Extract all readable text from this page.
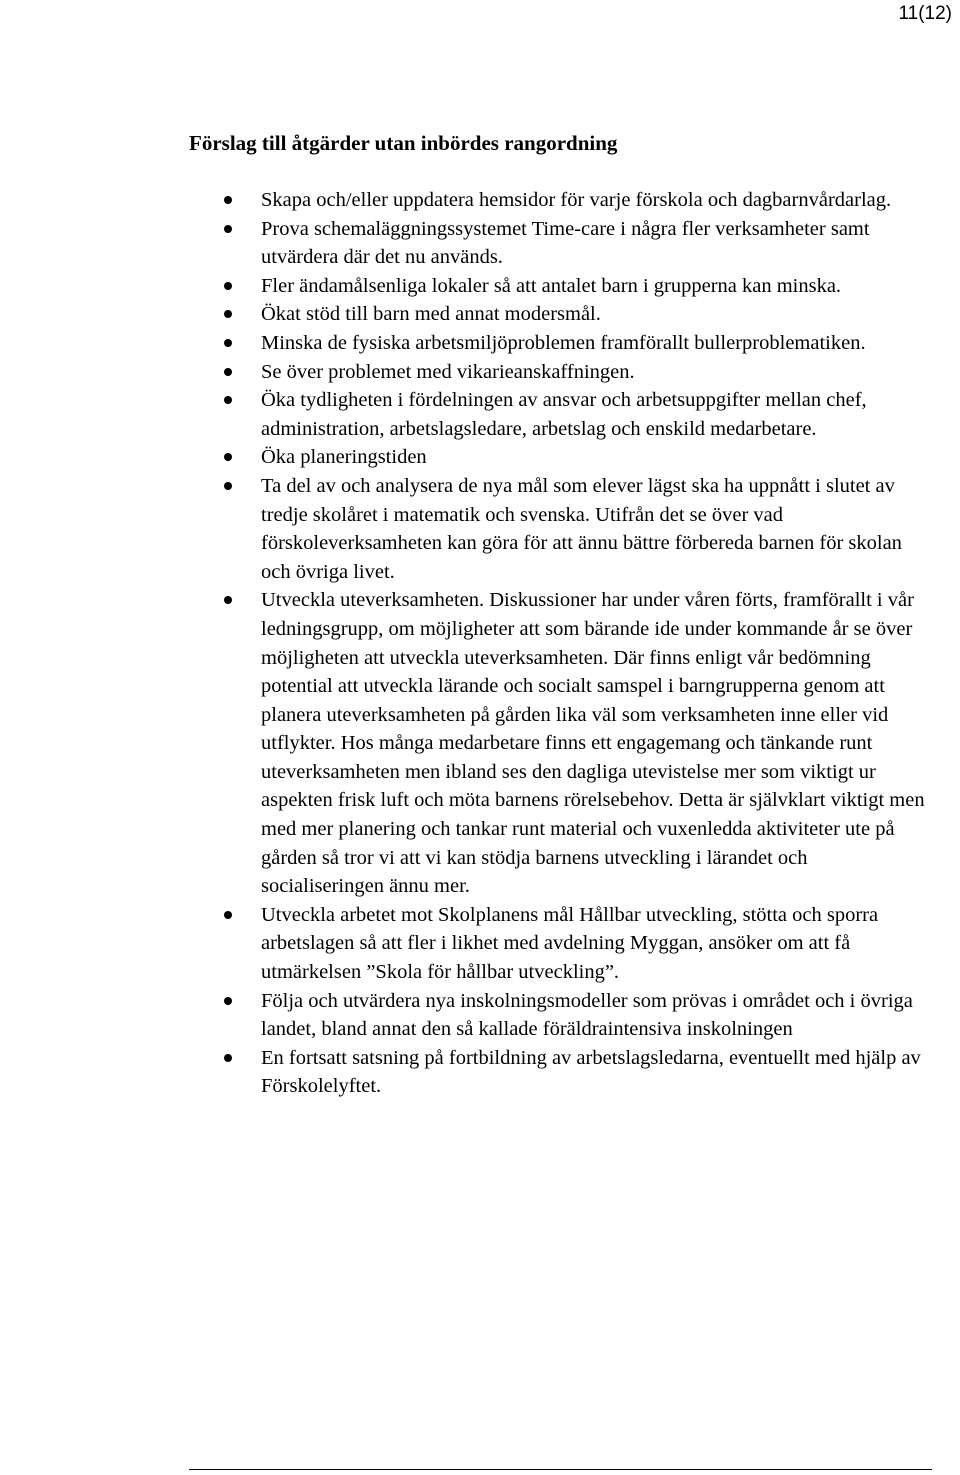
11(12)
Förslag till åtgärder utan inbördes rangordning
Skapa och/eller uppdatera hemsidor för varje förskola och dagbarnvårdarlag.
Prova schemaläggningssystemet Time-care i några fler verksamheter samt utvärdera där det nu används.
Fler ändamålsenliga lokaler så att antalet barn i grupperna kan minska.
Ökat stöd till barn med annat modersmål.
Minska de fysiska arbetsmiljöproblemen framförallt bullerproblematiken.
Se över problemet med vikarieanskaffningen.
Öka tydligheten i fördelningen av ansvar och arbetsuppgifter mellan chef, administration, arbetslagsledare, arbetslag och enskild medarbetare.
Öka planeringstiden
Ta del av och analysera de nya mål som elever lägst ska ha uppnått i slutet av tredje skolåret i matematik och svenska. Utifrån det se över vad förskoleverksamheten kan göra för att ännu bättre förbereda barnen för skolan och övriga livet.
Utveckla uteverksamheten. Diskussioner har under våren förts, framförallt i vår ledningsgrupp, om möjligheter att som bärande ide under kommande år se över möjligheten att utveckla uteverksamheten. Där finns enligt vår bedömning potential att utveckla lärande och socialt samspel i barngrupperna genom att planera uteverksamheten på gården lika väl som verksamheten inne eller vid utflykter. Hos många medarbetare finns ett engagemang och tänkande runt uteverksamheten men ibland ses den dagliga utevistelse mer som viktigt ur aspekten frisk luft och möta barnens rörelsebehov. Detta är självklart viktigt men med mer planering och tankar runt material och vuxenledda aktiviteter ute på gården så tror vi att vi kan stödja barnens utveckling i lärandet och socialiseringen ännu mer.
Utveckla arbetet mot Skolplanens mål Hållbar utveckling, stötta och sporra arbetslagen så att fler i likhet med avdelning Myggan, ansöker om att få utmärkelsen ”Skola för hållbar utveckling”.
Följa och utvärdera nya inskolningsmodeller som prövas i området och i övriga landet, bland annat den så kallade föräldraintensiva inskolningen
En fortsatt satsning på fortbildning av arbetslagsledarna, eventuellt med hjälp av Förskolelyftet.
